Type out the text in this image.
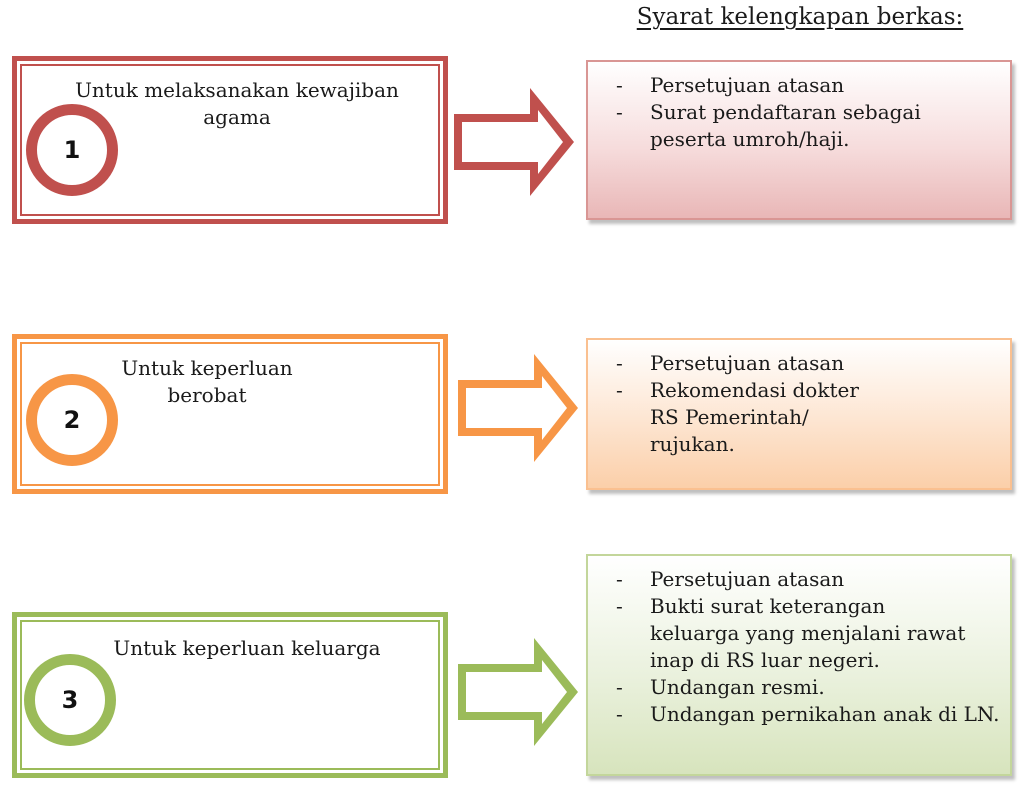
Syarat kelengkapan berkas:
Untuk melaksanakan kewajiban
agama
1
- Persetujuan atasan
- Surat pendaftaran sebagai peserta umroh/haji.
Untuk keperluan
berobat
2
- Persetujuan atasan
- Rekomendasi dokter RS Pemerintah/ rujukan.
Untuk keperluan keluarga
3
- Persetujuan atasan
- Bukti surat keterangan keluarga yang menjalani rawat inap di RS luar negeri.
- Undangan resmi.
- Undangan pernikahan anak di LN.
